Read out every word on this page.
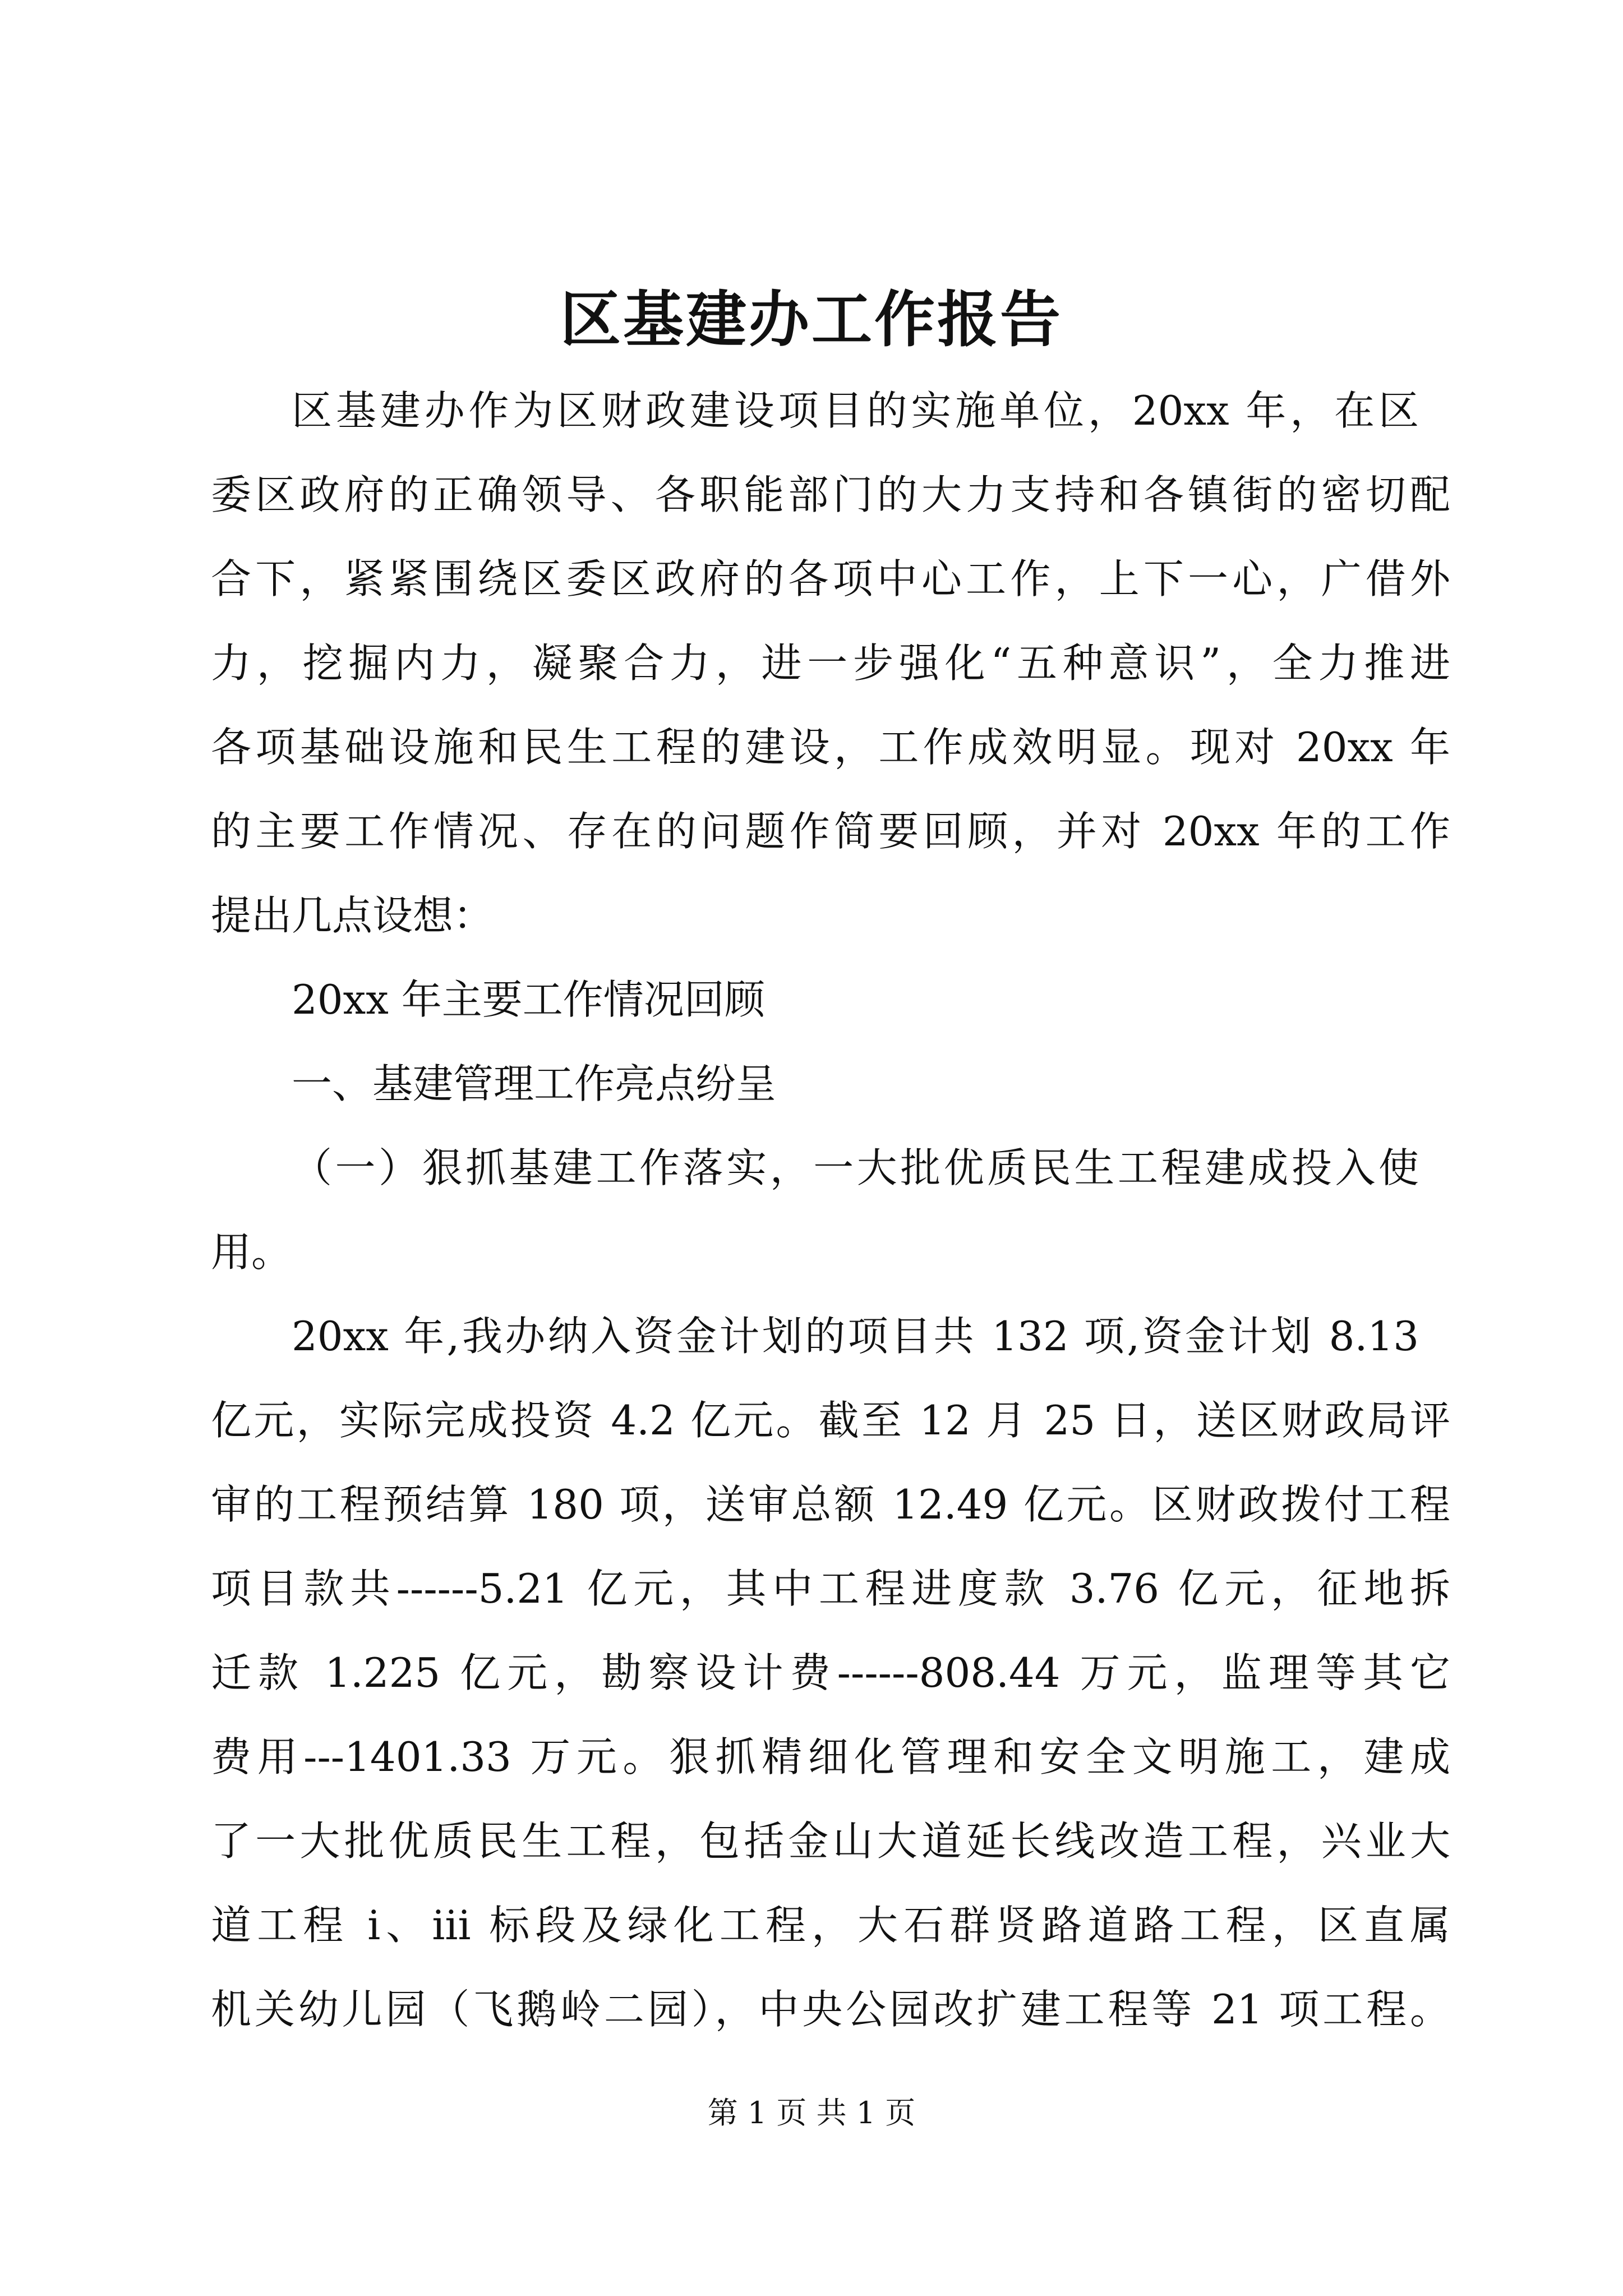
区基建办工作报告
区基建办作为区财政建设项目的实施单位，20xx 年，在区
委区政府的正确领导、各职能部门的大力支持和各镇街的密切配
合下，紧紧围绕区委区政府的各项中心工作，上下一心，广借外
力，挖掘内力，凝聚合力，进一步强化“五种意识”，全力推进
各项基础设施和民生工程的建设，工作成效明显。现对 20xx 年
的主要工作情况、存在的问题作简要回顾，并对 20xx 年的工作
提出几点设想：
20xx 年主要工作情况回顾
一、基建管理工作亮点纷呈
（一）狠抓基建工作落实，一大批优质民生工程建成投入使
用。
20xx 年,我办纳入资金计划的项目共 132 项,资金计划 8.13
亿元，实际完成投资 4.2 亿元。截至 12 月 25 日，送区财政局评
审的工程预结算 180 项，送审总额 12.49 亿元。区财政拨付工程
项目款共------5.21 亿元，其中工程进度款 3.76 亿元，征地拆
迁款 1.225 亿元，勘察设计费------808.44 万元，监理等其它
费用---1401.33 万元。狠抓精细化管理和安全文明施工，建成
了一大批优质民生工程，包括金山大道延长线改造工程，兴业大
道工程 i、iii 标段及绿化工程，大石群贤路道路工程，区直属
机关幼儿园（飞鹅岭二园），中央公园改扩建工程等 21 项工程。
第 1 页 共 1 页
